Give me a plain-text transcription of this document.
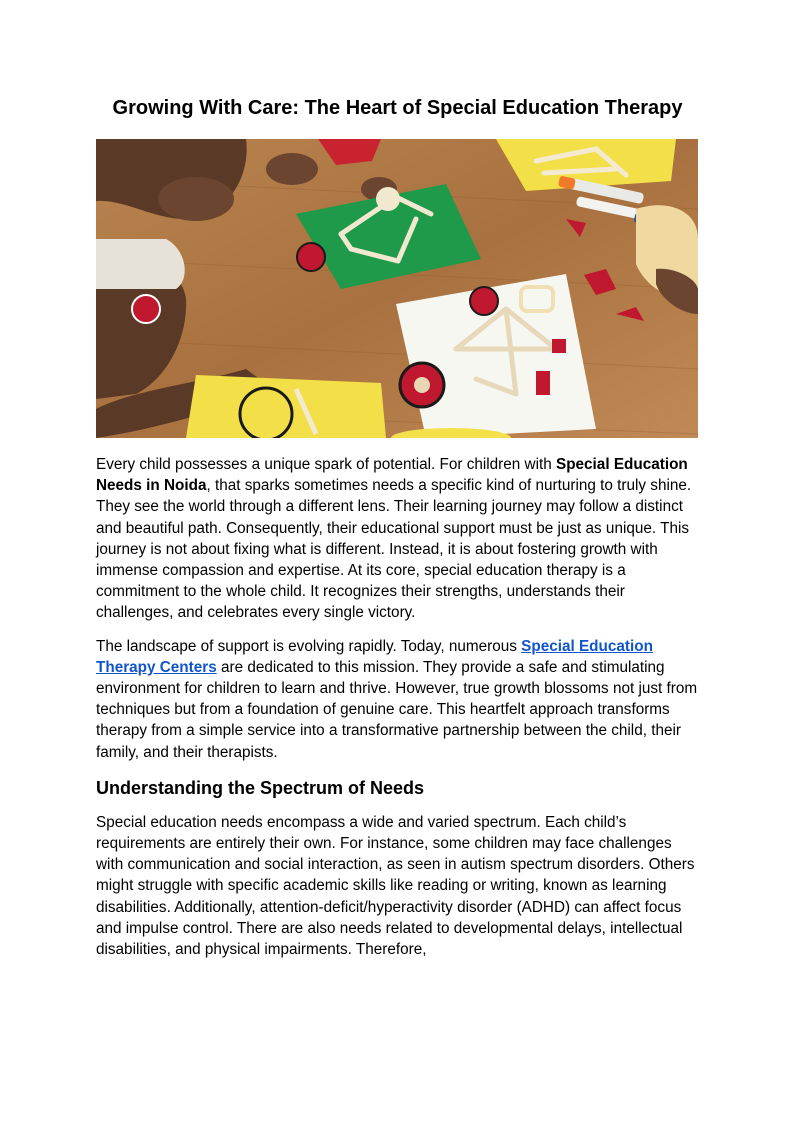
Growing With Care: The Heart of Special Education Therapy

Every child possesses a unique spark of potential. For children with Special Education Needs in Noida, that sparks sometimes needs a specific kind of nurturing to truly shine. They see the world through a different lens. Their learning journey may follow a distinct and beautiful path. Consequently, their educational support must be just as unique. This journey is not about fixing what is different. Instead, it is about fostering growth with immense compassion and expertise. At its core, special education therapy is a commitment to the whole child. It recognizes their strengths, understands their challenges, and celebrates every single victory.

The landscape of support is evolving rapidly. Today, numerous Special Education Therapy Centers are dedicated to this mission. They provide a safe and stimulating environment for children to learn and thrive. However, true growth blossoms not just from techniques but from a foundation of genuine care. This heartfelt approach transforms therapy from a simple service into a transformative partnership between the child, their family, and their therapists.

Understanding the Spectrum of Needs

Special education needs encompass a wide and varied spectrum. Each child’s requirements are entirely their own. For instance, some children may face challenges with communication and social interaction, as seen in autism spectrum disorders. Others might struggle with specific academic skills like reading or writing, known as learning disabilities. Additionally, attention-deficit/hyperactivity disorder (ADHD) can affect focus and impulse control. There are also needs related to developmental delays, intellectual disabilities, and physical impairments. Therefore,
